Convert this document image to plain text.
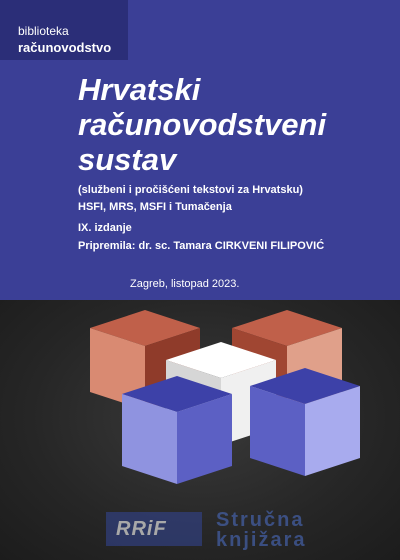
biblioteka
računovodstvo
Hrvatski
računovodstveni
sustav
(službeni i pročišćeni tekstovi za Hrvatsku)
HSFI, MRS, MSFI i Tumačenja
IX. izdanje
Pripremila: dr. sc. Tamara CIRKVENI FILIPOVIĆ
Zagreb, listopad 2023.
RRiF Stručna
knjižara
